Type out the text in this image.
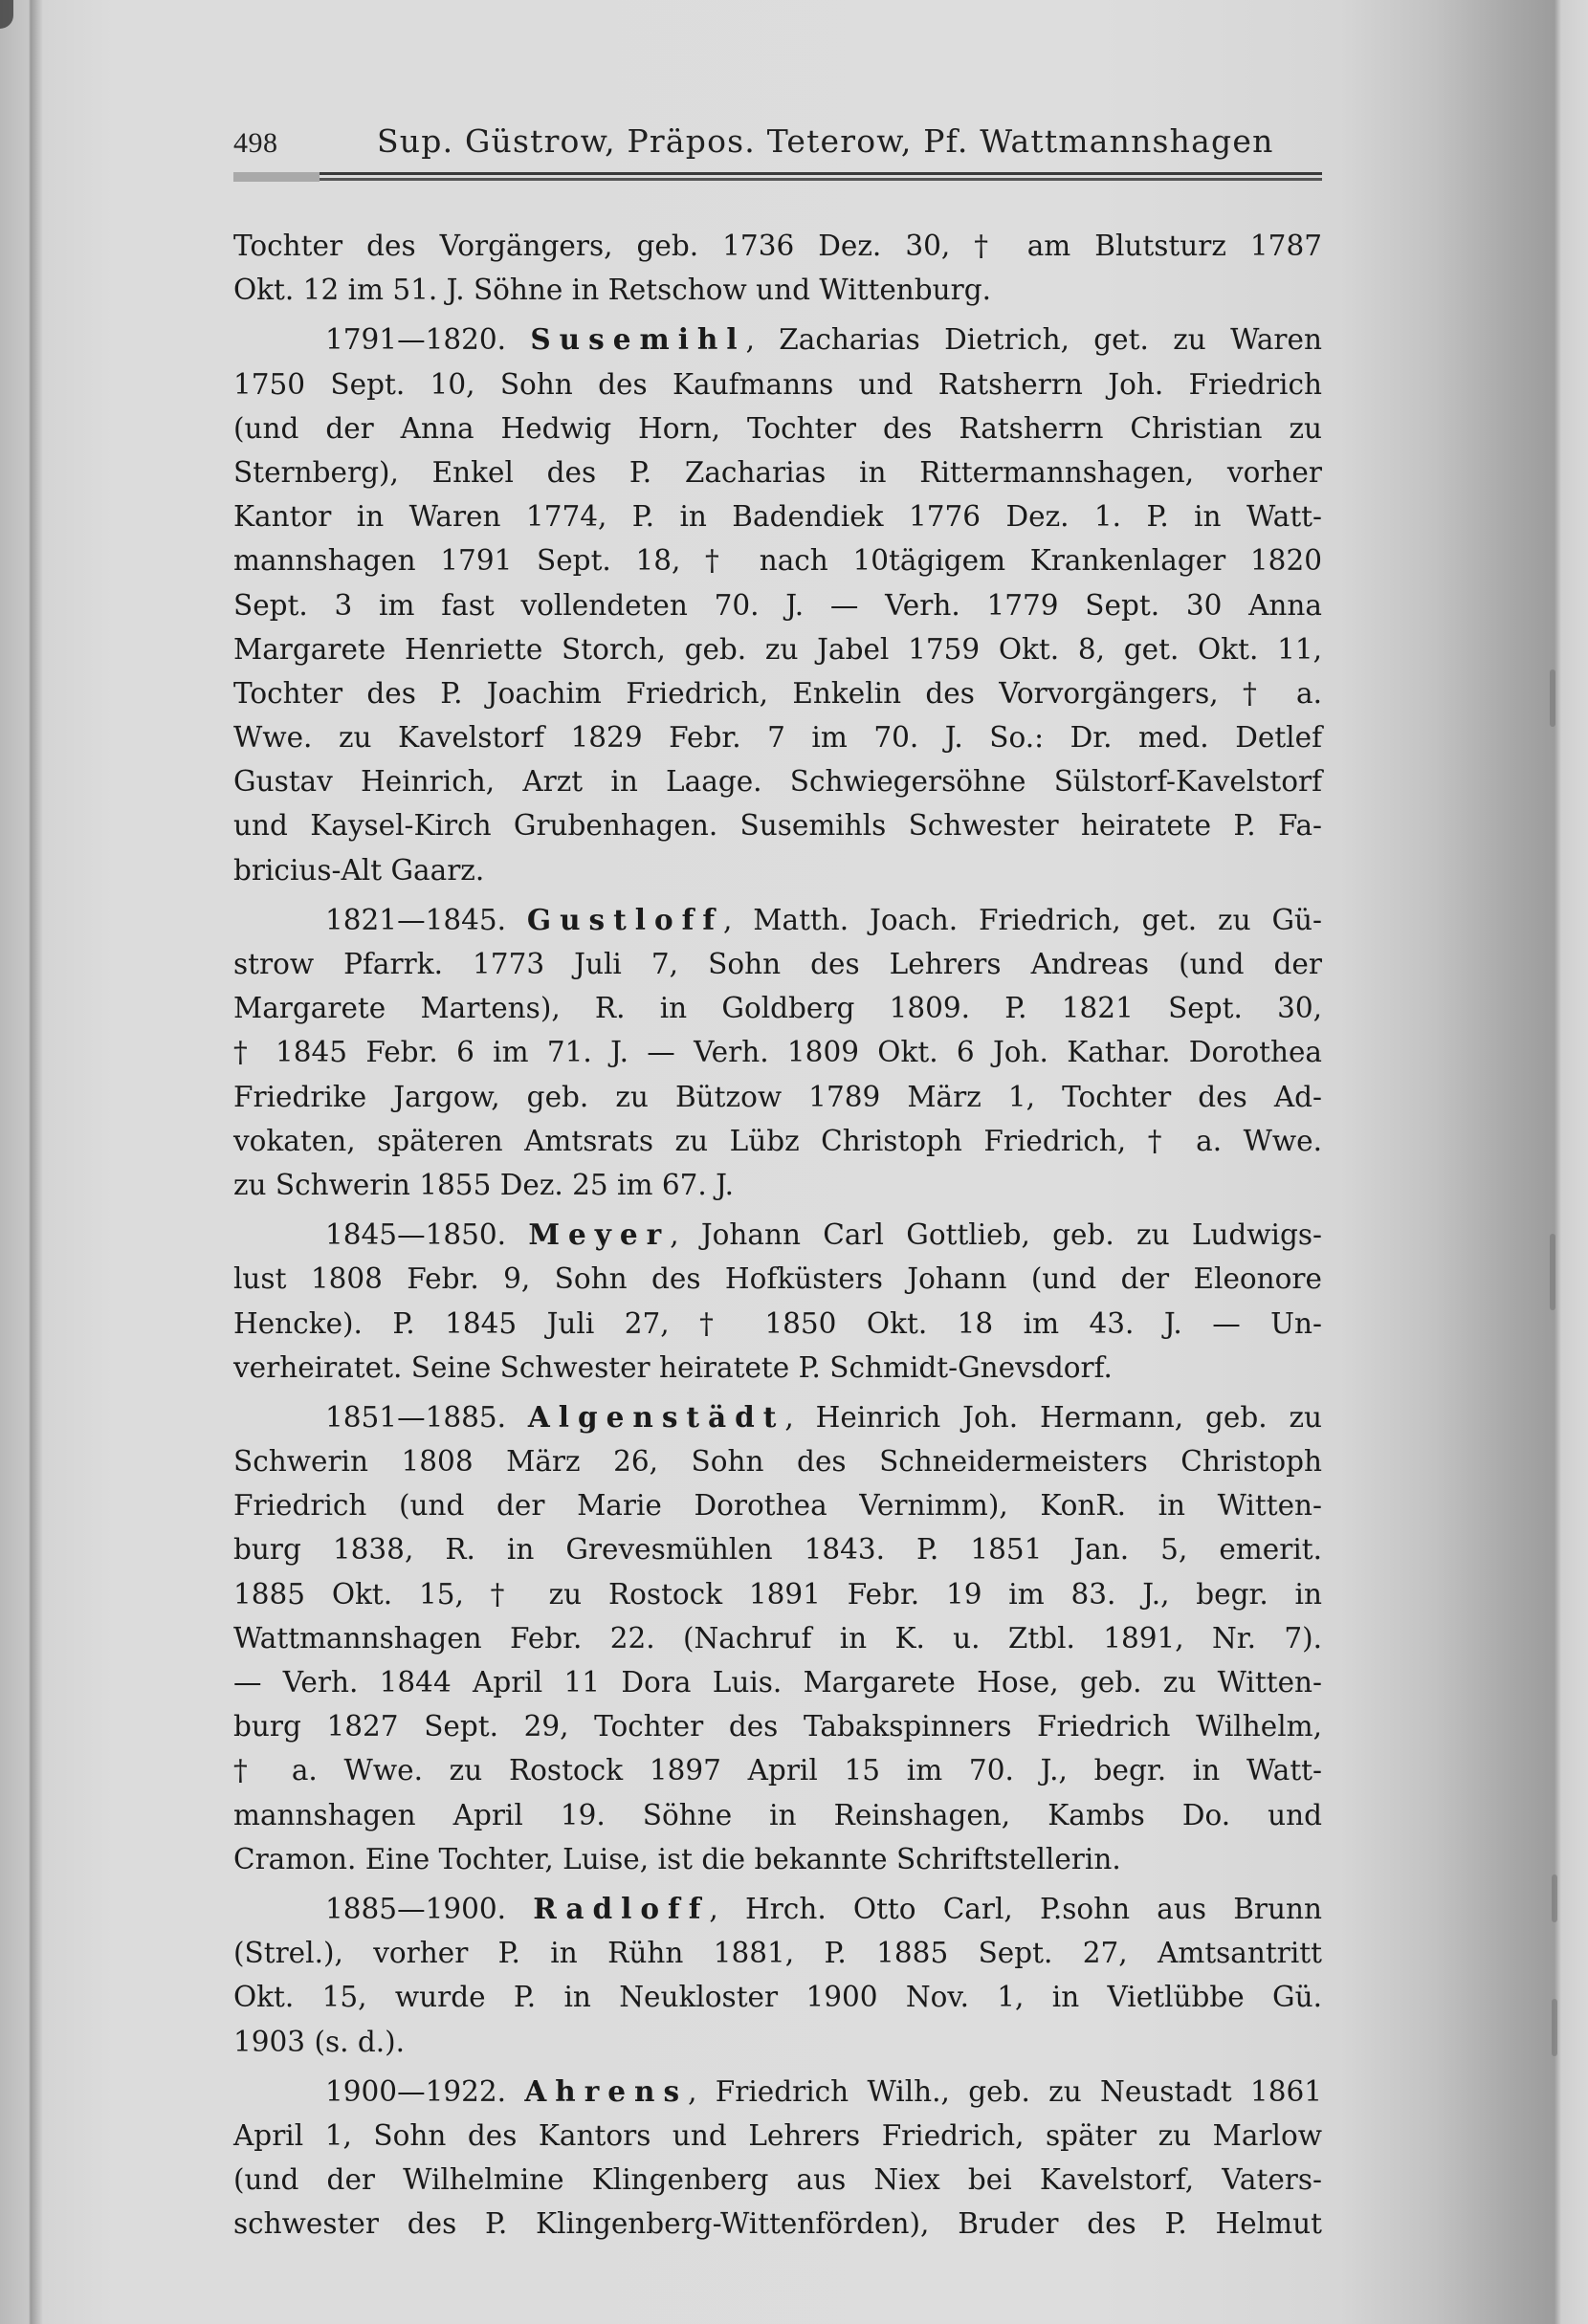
498	Sup. Güstrow, Präpos. Teterow, Pf. Wattmannshagen
Tochter des Vorgängers, geb. 1736 Dez. 30, † am Blutsturz 1787
Okt. 12 im 51. J. Söhne in Retschow und Wittenburg.
1791—1820. Susemihl, Zacharias Dietrich, get. zu Waren
1750 Sept. 10, Sohn des Kaufmanns und Ratsherrn Joh. Friedrich
(und der Anna Hedwig Horn, Tochter des Ratsherrn Christian zu
Sternberg), Enkel des P. Zacharias in Rittermannshagen, vorher
Kantor in Waren 1774, P. in Badendiek 1776 Dez. 1. P. in Watt-
mannshagen 1791 Sept. 18, † nach 10tägigem Krankenlager 1820
Sept. 3 im fast vollendeten 70. J. — Verh. 1779 Sept. 30 Anna
Margarete Henriette Storch, geb. zu Jabel 1759 Okt. 8, get. Okt. 11,
Tochter des P. Joachim Friedrich, Enkelin des Vorvorgängers, † a.
Wwe. zu Kavelstorf 1829 Febr. 7 im 70. J. So.: Dr. med. Detlef
Gustav Heinrich, Arzt in Laage. Schwiegersöhne Sülstorf-Kavelstorf
und Kaysel-Kirch Grubenhagen. Susemihls Schwester heiratete P. Fa-
bricius-Alt Gaarz.
1821—1845. Gustloff, Matth. Joach. Friedrich, get. zu Gü-
strow Pfarrk. 1773 Juli 7, Sohn des Lehrers Andreas (und der
Margarete Martens), R. in Goldberg 1809. P. 1821 Sept. 30,
† 1845 Febr. 6 im 71. J. — Verh. 1809 Okt. 6 Joh. Kathar. Dorothea
Friedrike Jargow, geb. zu Bützow 1789 März 1, Tochter des Ad-
vokaten, späteren Amtsrats zu Lübz Christoph Friedrich, † a. Wwe.
zu Schwerin 1855 Dez. 25 im 67. J.
1845—1850. Meyer, Johann Carl Gottlieb, geb. zu Ludwigs-
lust 1808 Febr. 9, Sohn des Hofküsters Johann (und der Eleonore
Hencke). P. 1845 Juli 27, † 1850 Okt. 18 im 43. J. — Un-
verheiratet. Seine Schwester heiratete P. Schmidt-Gnevsdorf.
1851—1885. Algenstädt, Heinrich Joh. Hermann, geb. zu
Schwerin 1808 März 26, Sohn des Schneidermeisters Christoph
Friedrich (und der Marie Dorothea Vernimm), KonR. in Witten-
burg 1838, R. in Grevesmühlen 1843. P. 1851 Jan. 5, emerit.
1885 Okt. 15, † zu Rostock 1891 Febr. 19 im 83. J., begr. in
Wattmannshagen Febr. 22. (Nachruf in K. u. Ztbl. 1891, Nr. 7).
— Verh. 1844 April 11 Dora Luis. Margarete Hose, geb. zu Witten-
burg 1827 Sept. 29, Tochter des Tabakspinners Friedrich Wilhelm,
† a. Wwe. zu Rostock 1897 April 15 im 70. J., begr. in Watt-
mannshagen April 19. Söhne in Reinshagen, Kambs Do. und
Cramon. Eine Tochter, Luise, ist die bekannte Schriftstellerin.
1885—1900. Radloff, Hrch. Otto Carl, P.sohn aus Brunn
(Strel.), vorher P. in Rühn 1881, P. 1885 Sept. 27, Amtsantritt
Okt. 15, wurde P. in Neukloster 1900 Nov. 1, in Vietlübbe Gü.
1903 (s. d.).
1900—1922. Ahrens, Friedrich Wilh., geb. zu Neustadt 1861
April 1, Sohn des Kantors und Lehrers Friedrich, später zu Marlow
(und der Wilhelmine Klingenberg aus Niex bei Kavelstorf, Vaters-
schwester des P. Klingenberg-Wittenförden), Bruder des P. Helmut
